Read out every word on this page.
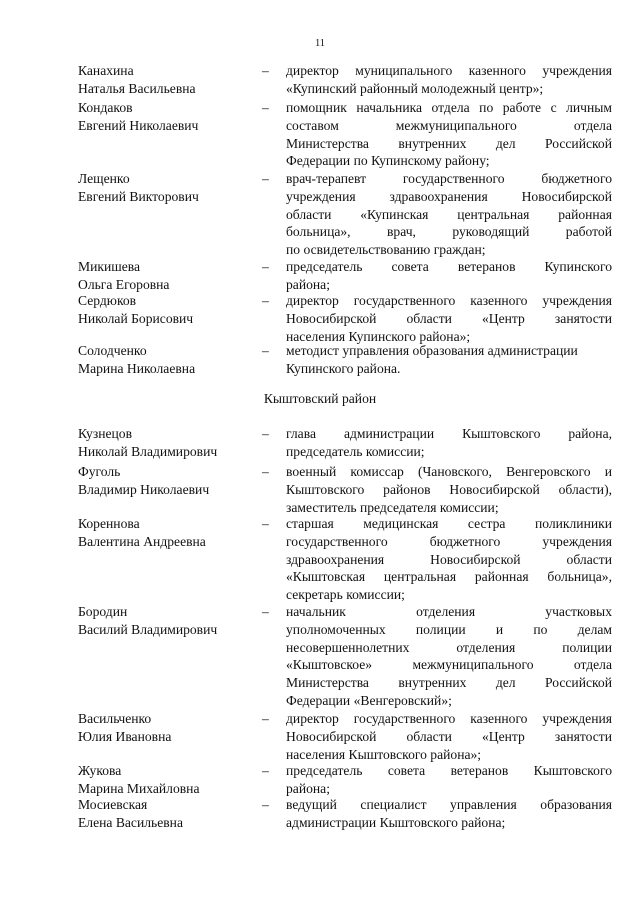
11
Канахина
Наталья Васильевна
–	директор муниципального казенного учреждения
«Купинский районный молодежный центр»;
Кондаков
Евгений Николаевич
–	помощник начальника отдела по работе с личным
составом межмуниципального отдела
Министерства внутренних дел Российской
Федерации по Купинскому району;
Лещенко
Евгений Викторович
–	врач-терапевт государственного бюджетного
учреждения здравоохранения Новосибирской
области «Купинская центральная районная
больница», врач, руководящий работой
по освидетельствованию граждан;
Микишева
Ольга Егоровна
–	председатель совета ветеранов Купинского
района;
Сердюков
Николай Борисович
–	директор государственного казенного учреждения
Новосибирской области «Центр занятости
населения Купинского района»;
Солодченко
Марина Николаевна
–	методист управления образования администрации
Купинского района.
Кыштовский район
Кузнецов
Николай Владимирович
–	глава администрации Кыштовского района,
председатель комиссии;
Фуголь
Владимир Николаевич
–	военный комиссар (Чановского, Венгеровского и
Кыштовского районов Новосибирской области),
заместитель председателя комиссии;
Кореннова
Валентина Андреевна
–	старшая медицинская сестра поликлиники
государственного бюджетного учреждения
здравоохранения Новосибирской области
«Кыштовская центральная районная больница»,
секретарь комиссии;
Бородин
Василий Владимирович
–	начальник отделения участковых
уполномоченных полиции и по делам
несовершеннолетних отделения полиции
«Кыштовское» межмуниципального отдела
Министерства внутренних дел Российской
Федерации «Венгеровский»;
Васильченко
Юлия Ивановна
–	директор государственного казенного учреждения
Новосибирской области «Центр занятости
населения Кыштовского района»;
Жукова
Марина Михайловна
–	председатель совета ветеранов Кыштовского
района;
Мосиевская
Елена Васильевна
–	ведущий специалист управления образования
администрации Кыштовского района;
